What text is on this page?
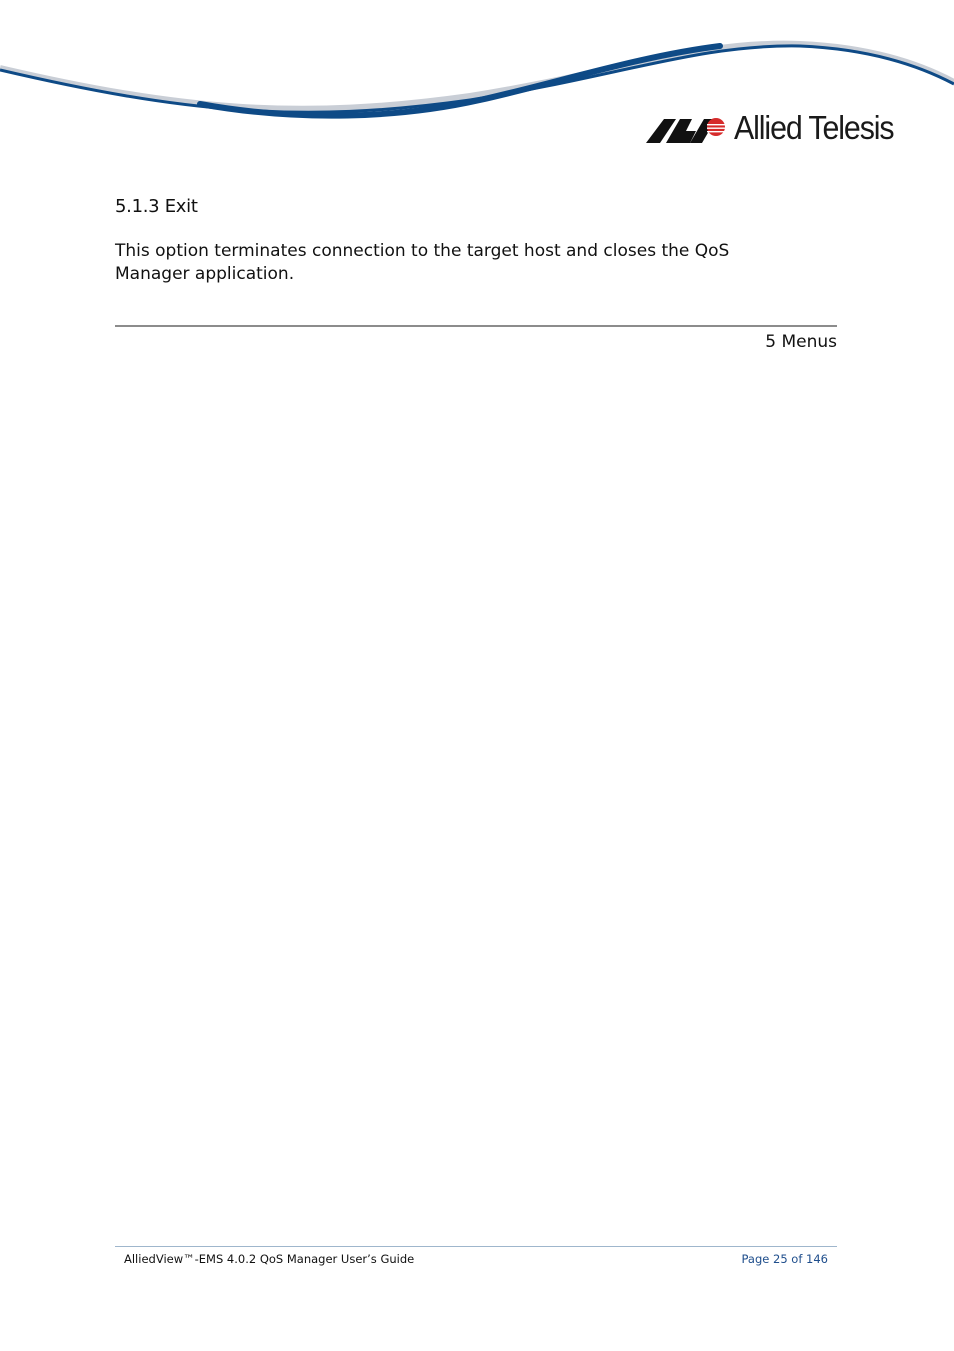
Allied Telesis
5.1.3 Exit

This option terminates connection to the target host and closes the QoS Manager application.

5 Menus
AlliedView™-EMS 4.0.2 QoS Manager User’s Guide	Page 25 of 146
